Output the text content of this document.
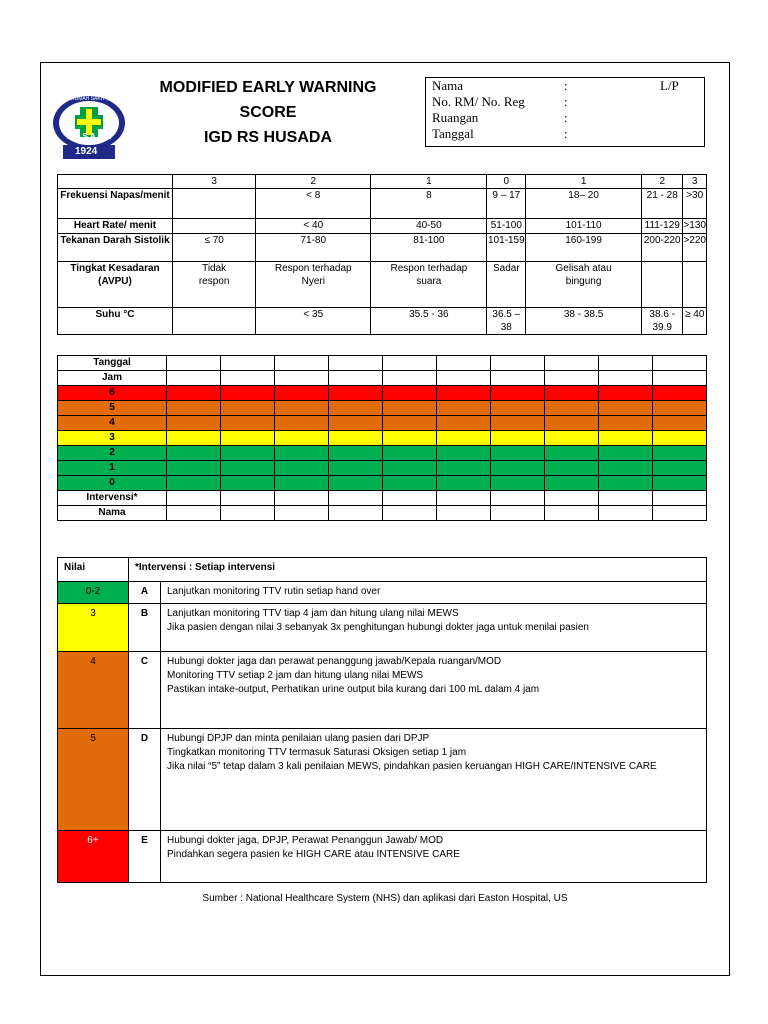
RUMAH SAKIT
HUSADA
1924
MODIFIED EARLY WARNING
SCORE
IGD RS HUSADA
Nama	:	L/P
No. RM/ No. Reg	:
Ruangan	:
Tanggal	:
	3	2	1	0	1	2	3
Frekuensi Napas/menit		< 8	8	9 – 17	18– 20	21 - 28	>30
Heart Rate/ menit		< 40	40-50	51-100	101-110	111-129	>130
Tekanan Darah Sistolik	≤ 70	71-80	81-100	101-159	160-199	200-220	>220
Tingkat Kesadaran (AVPU)	Tidak respon	Respon terhadap Nyeri	Respon terhadap suara	Sadar	Gelisah atau bingung		
Suhu °C		< 35	35.5 - 36	36.5 – 38	38 - 38.5	38.6 - 39.9	≥ 40
Tanggal										
Jam										
6										
5										
4										
3										
2										
1										
0										
Intervensi*										
Nama										
Nilai	*Intervensi : Setiap intervensi	
0-2	A	Lanjutkan monitoring TTV rutin setiap hand over

3	B	Lanjutkan monitoring TTV tiap 4 jam dan hitung ulang nilai MEWS
Jika pasien dengan nilai 3 sebanyak 3x penghitungan hubungi dokter jaga untuk menilai pasien

4	C	Hubungi dokter jaga dan perawat penanggung jawab/Kepala ruangan/MOD
Monitoring TTV setiap 2 jam dan hitung ulang nilai MEWS
Pastikan intake-output, Perhatikan urine output bila kurang dari 100 mL dalam 4 jam

5	D	Hubungi DPJP dan minta penilaian ulang pasien dari DPJP
Tingkatkan monitoring TTV termasuk Saturasi Oksigen setiap 1 jam
Jika nilai “5” tetap dalam 3 kali penilaian MEWS, pindahkan pasien keruangan HIGH CARE/INTENSIVE CARE

6+	E	Hubungi dokter jaga, DPJP, Perawat Penanggun Jawab/ MOD
Pindahkan segera pasien ke HIGH CARE atau INTENSIVE CARE
Sumber : National Healthcare System (NHS) dan aplikasi dari Easton Hospital, US
